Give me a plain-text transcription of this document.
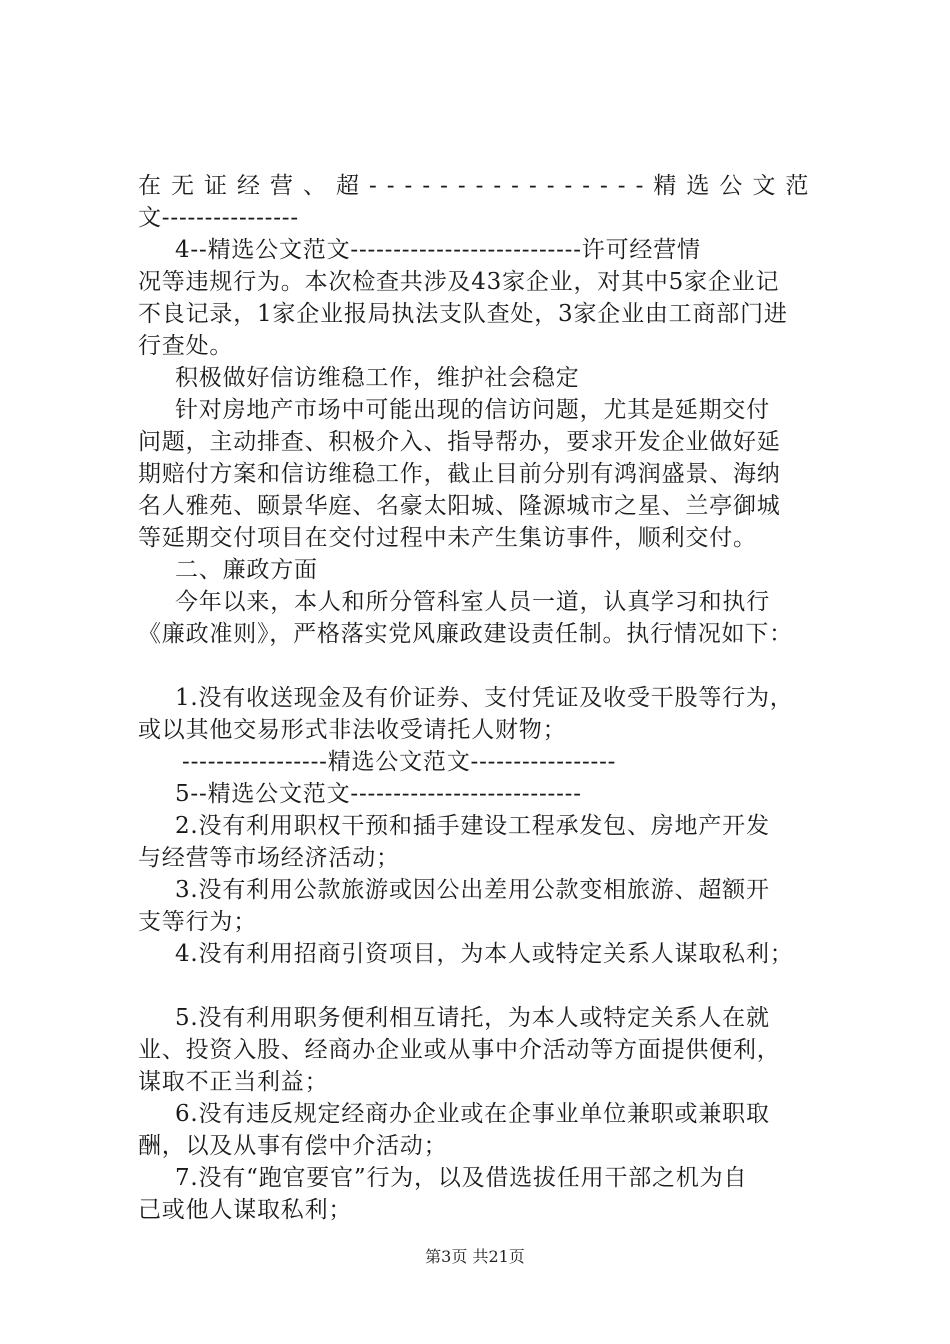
在无证经营、超----------------精选公文范
文----------------
4--精选公文范文---------------------------许可经营情
况等违规行为。本次检查共涉及43家企业，对其中5家企业记
不良记录，1家企业报局执法支队查处，3家企业由工商部门进
行查处。
积极做好信访维稳工作，维护社会稳定
针对房地产市场中可能出现的信访问题，尤其是延期交付
问题，主动排查、积极介入、指导帮办，要求开发企业做好延
期赔付方案和信访维稳工作，截止目前分别有鸿润盛景、海纳
名人雅苑、颐景华庭、名豪太阳城、隆源城市之星、兰亭御城
等延期交付项目在交付过程中未产生集访事件，顺利交付。
二、廉政方面
今年以来，本人和所分管科室人员一道，认真学习和执行
《廉政准则》，严格落实党风廉政建设责任制。执行情况如下：
1.没有收送现金及有价证券、支付凭证及收受干股等行为，
或以其他交易形式非法收受请托人财物；
-----------------精选公文范文-----------------
5--精选公文范文---------------------------
2.没有利用职权干预和插手建设工程承发包、房地产开发
与经营等市场经济活动；
3.没有利用公款旅游或因公出差用公款变相旅游、超额开
支等行为；
4.没有利用招商引资项目，为本人或特定关系人谋取私利；
5.没有利用职务便利相互请托，为本人或特定关系人在就
业、投资入股、经商办企业或从事中介活动等方面提供便利，
谋取不正当利益；
6.没有违反规定经商办企业或在企事业单位兼职或兼职取
酬，以及从事有偿中介活动；
7.没有“跑官要官”行为，以及借选拔任用干部之机为自
己或他人谋取私利；
第3页 共21页
